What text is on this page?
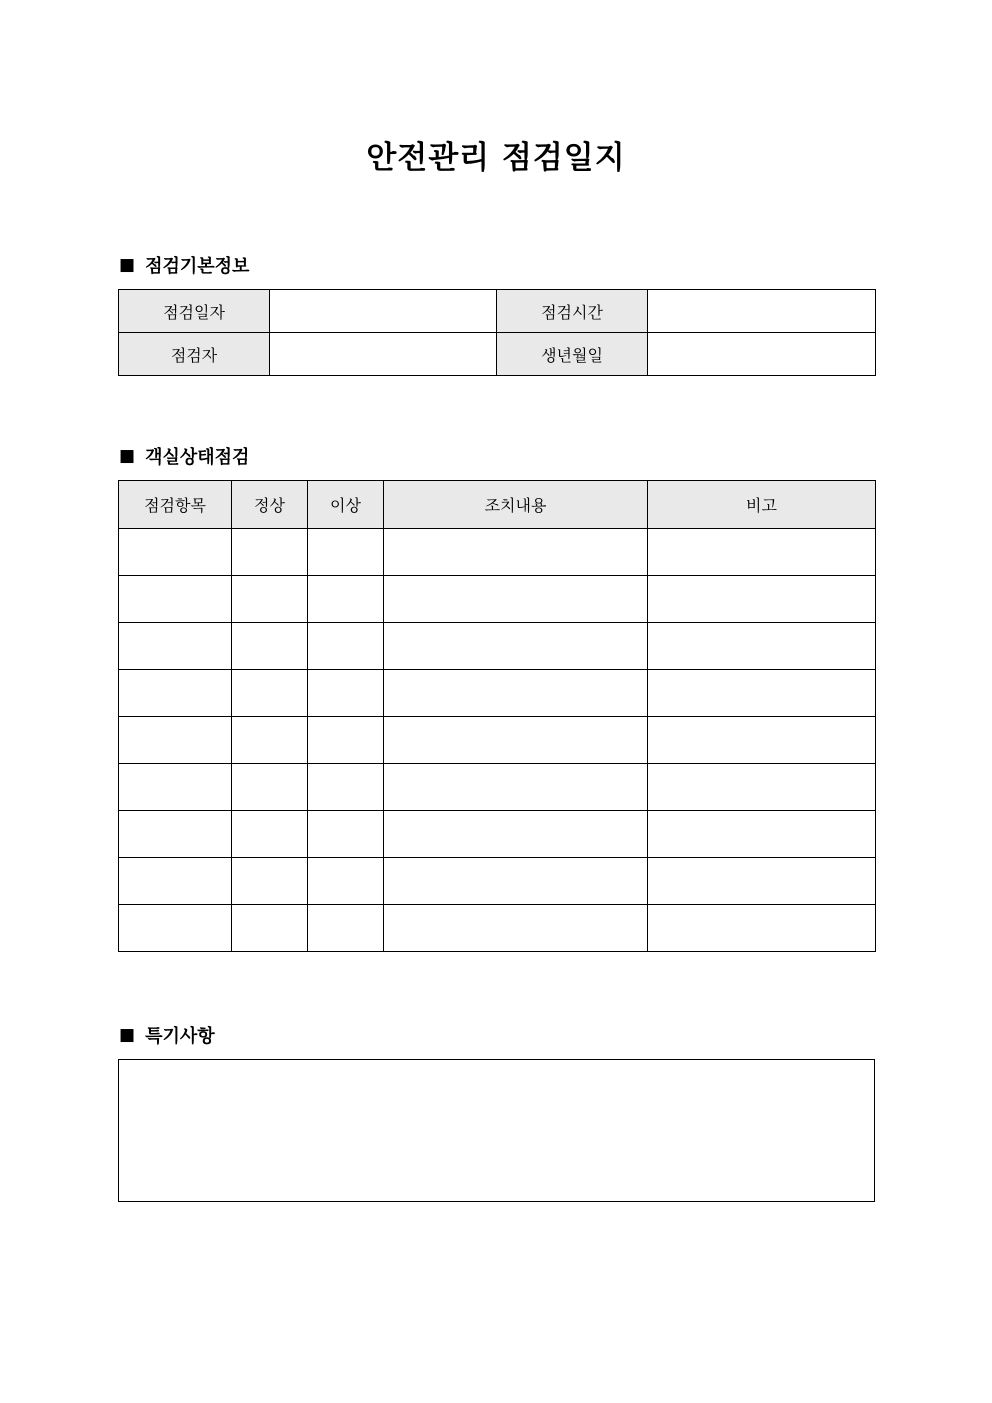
안전관리 점검일지
■ 점검기본정보
점검일자		점검시간	
점검자		생년월일	
■ 객실상태점검
점검항목	정상	이상	조치내용	비고

■ 특기사항
